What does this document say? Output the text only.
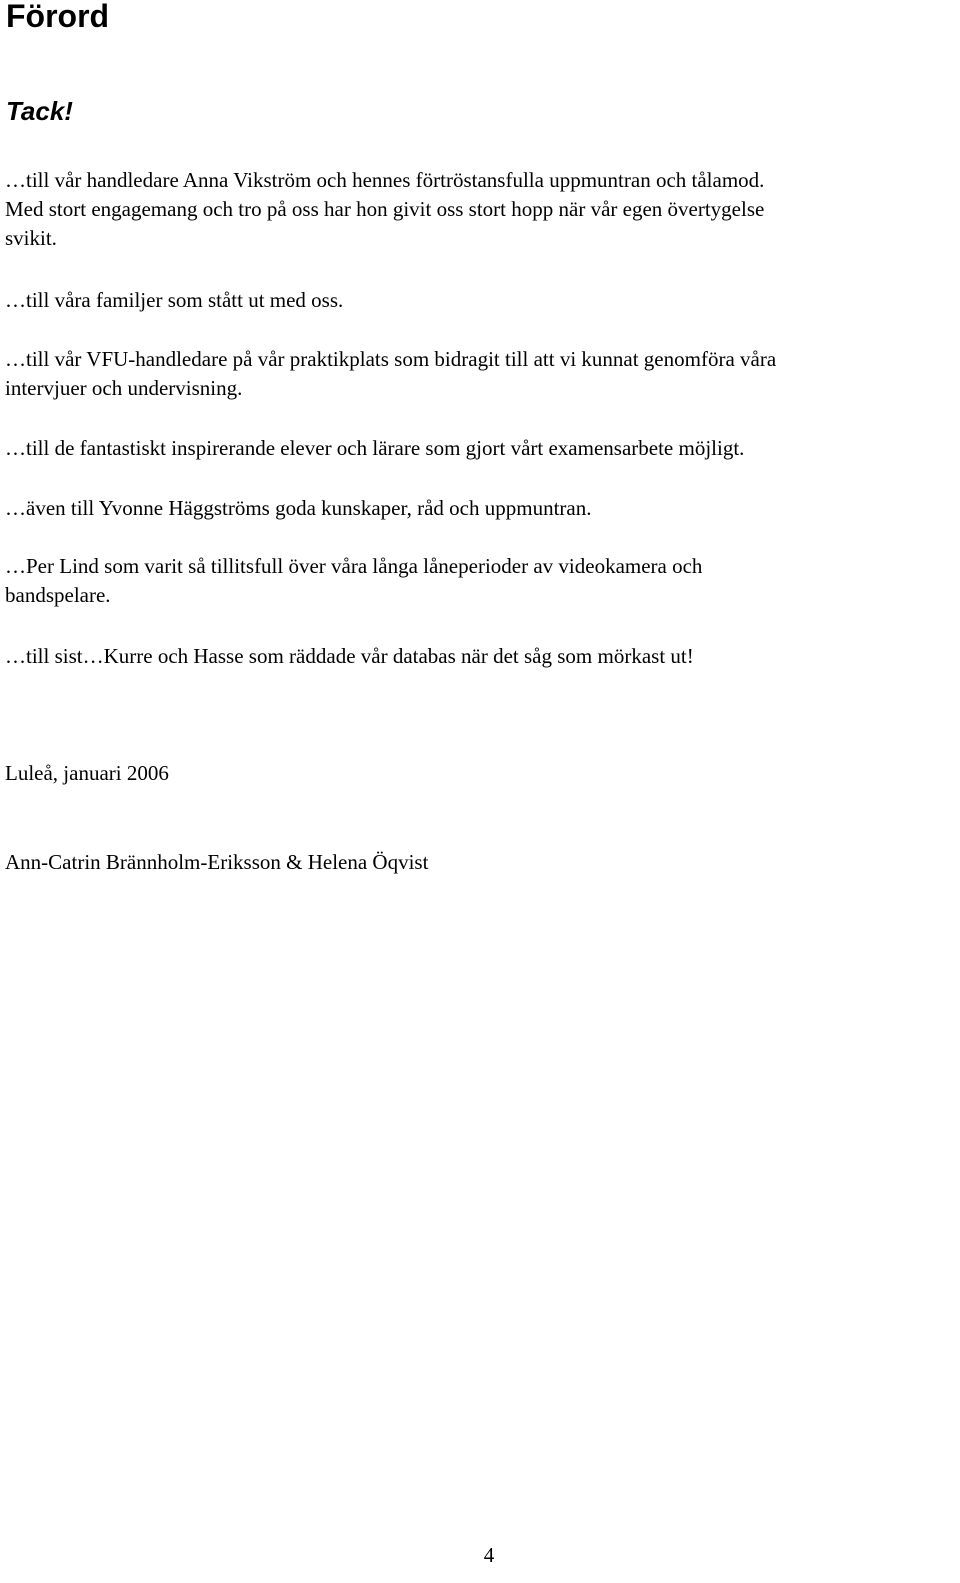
Förord
Tack!

…till vår handledare Anna Vikström och hennes förtröstansfulla uppmuntran och tålamod.
Med stort engagemang och tro på oss har hon givit oss stort hopp när vår egen övertygelse
svikit.

…till våra familjer som stått ut med oss.

…till vår VFU-handledare på vår praktikplats som bidragit till att vi kunnat genomföra våra
intervjuer och undervisning.

…till de fantastiskt inspirerande elever och lärare som gjort vårt examensarbete möjligt.

…även till Yvonne Häggströms goda kunskaper, råd och uppmuntran.

…Per Lind som varit så tillitsfull över våra långa låneperioder av videokamera och
bandspelare.

…till sist…Kurre och Hasse som räddade vår databas när det såg som mörkast ut!

Luleå, januari 2006

Ann-Catrin Brännholm-Eriksson & Helena Öqvist

4
